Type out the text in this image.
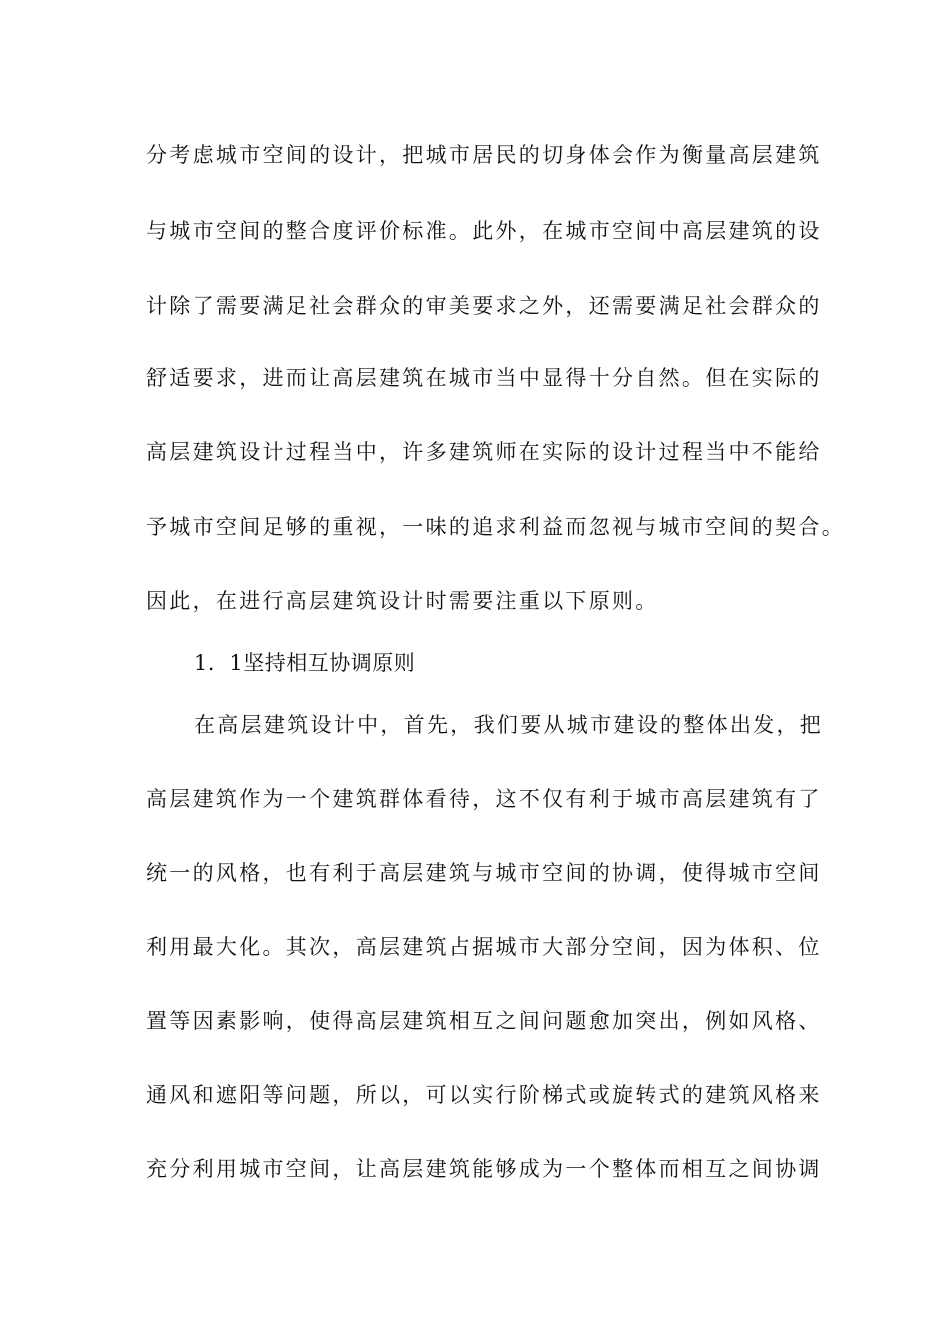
分考虑城市空间的设计，把城市居民的切身体会作为衡量高层建筑
与城市空间的整合度评价标准。此外，在城市空间中高层建筑的设
计除了需要满足社会群众的审美要求之外，还需要满足社会群众的
舒适要求，进而让高层建筑在城市当中显得十分自然。但在实际的
高层建筑设计过程当中，许多建筑师在实际的设计过程当中不能给
予城市空间足够的重视，一味的追求利益而忽视与城市空间的契合。
因此，在进行高层建筑设计时需要注重以下原则。
1．1坚持相互协调原则
在高层建筑设计中，首先，我们要从城市建设的整体出发，把
高层建筑作为一个建筑群体看待，这不仅有利于城市高层建筑有了
统一的风格，也有利于高层建筑与城市空间的协调，使得城市空间
利用最大化。其次，高层建筑占据城市大部分空间，因为体积、位
置等因素影响，使得高层建筑相互之间问题愈加突出，例如风格、
通风和遮阳等问题，所以，可以实行阶梯式或旋转式的建筑风格来
充分利用城市空间，让高层建筑能够成为一个整体而相互之间协调
